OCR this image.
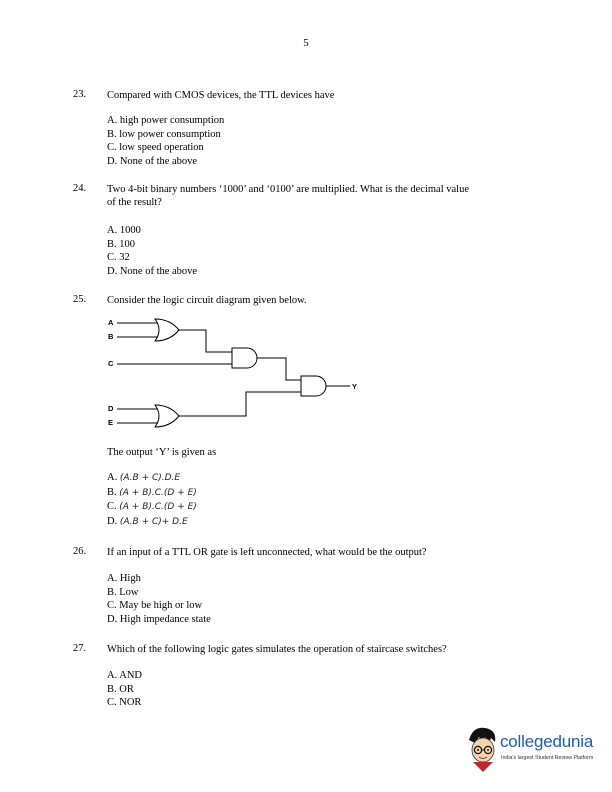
5
23. Compared with CMOS devices, the TTL devices have
A. high power consumption
B. low power consumption
C. low speed operation
D. None of the above
24. Two 4-bit binary numbers ‘1000’ and ‘0100’ are multiplied. What is the decimal value
of the result?
A. 1000
B. 100
C. 32
D. None of the above
25. Consider the logic circuit diagram given below.
A
B
C
D
E
Y
The output ‘Y’ is given as
A. (A.B + C).D.E
B. (A + B).C.(D + E)
C. (A + B).C.(D + E)
D. (A.B + C)+ D.E
26. If an input of a TTL OR gate is left unconnected, what would be the output?
A. High
B. Low
C. May be high or low
D. High impedance state
27. Which of the following logic gates simulates the operation of staircase switches?
A. AND
B. OR
C. NOR
collegedunia
India's largest Student Review Platform
